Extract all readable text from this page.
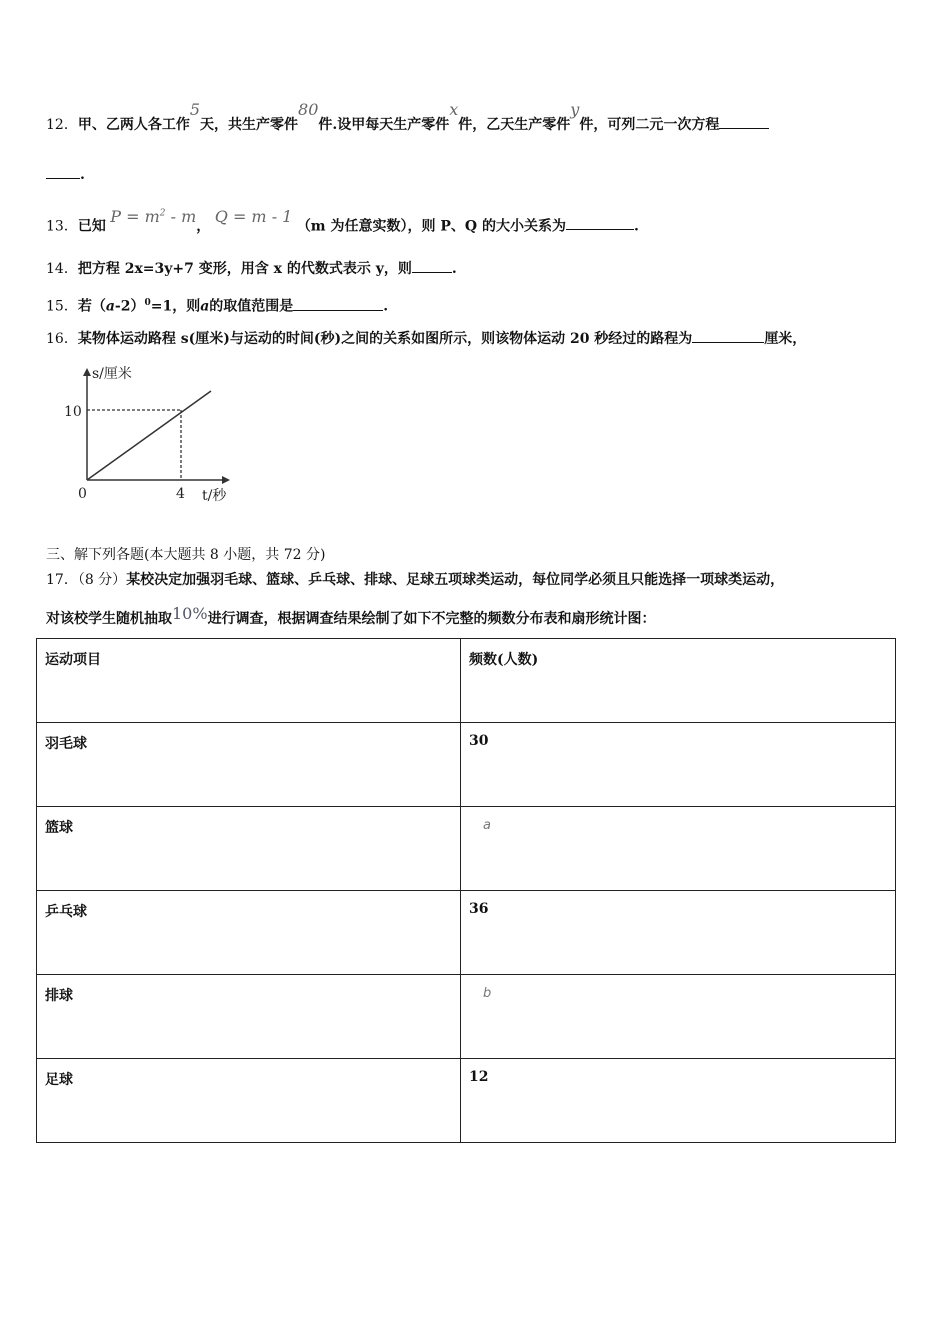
12．甲、乙两人各工作5天，共生产零件80件.设甲每天生产零件x件，乙天生产零件y件，可列二元一次方程
.
13．已知 $P = m^2 - m$， Q = m - 1 （m 为任意实数），则 P、Q 的大小关系为	.
14．把方程 2x=3y+7 变形，用含 x 的代数式表示 y，则	.
15．若$(a-2)^0=1$，则a的取值范围是	.
16．某物体运动路程 s(厘米)与运动的时间(秒)之间的关系如图所示，则该物体运动 20 秒经过的路程为	厘米，
s/厘米
10
0	4 t/秒
三、解下列各题(本大题共 8 小题，共 72 分)
17．（8 分）某校决定加强羽毛球、篮球、乒乓球、排球、足球五项球类运动，每位同学必须且只能选择一项球类运动，
对该校学生随机抽取10%进行调查，根据调查结果绘制了如下不完整的频数分布表和扇形统计图：
运动项目	频数(人数)
羽毛球	30
篮球	a
乒乓球	36
排球	b
足球	12
